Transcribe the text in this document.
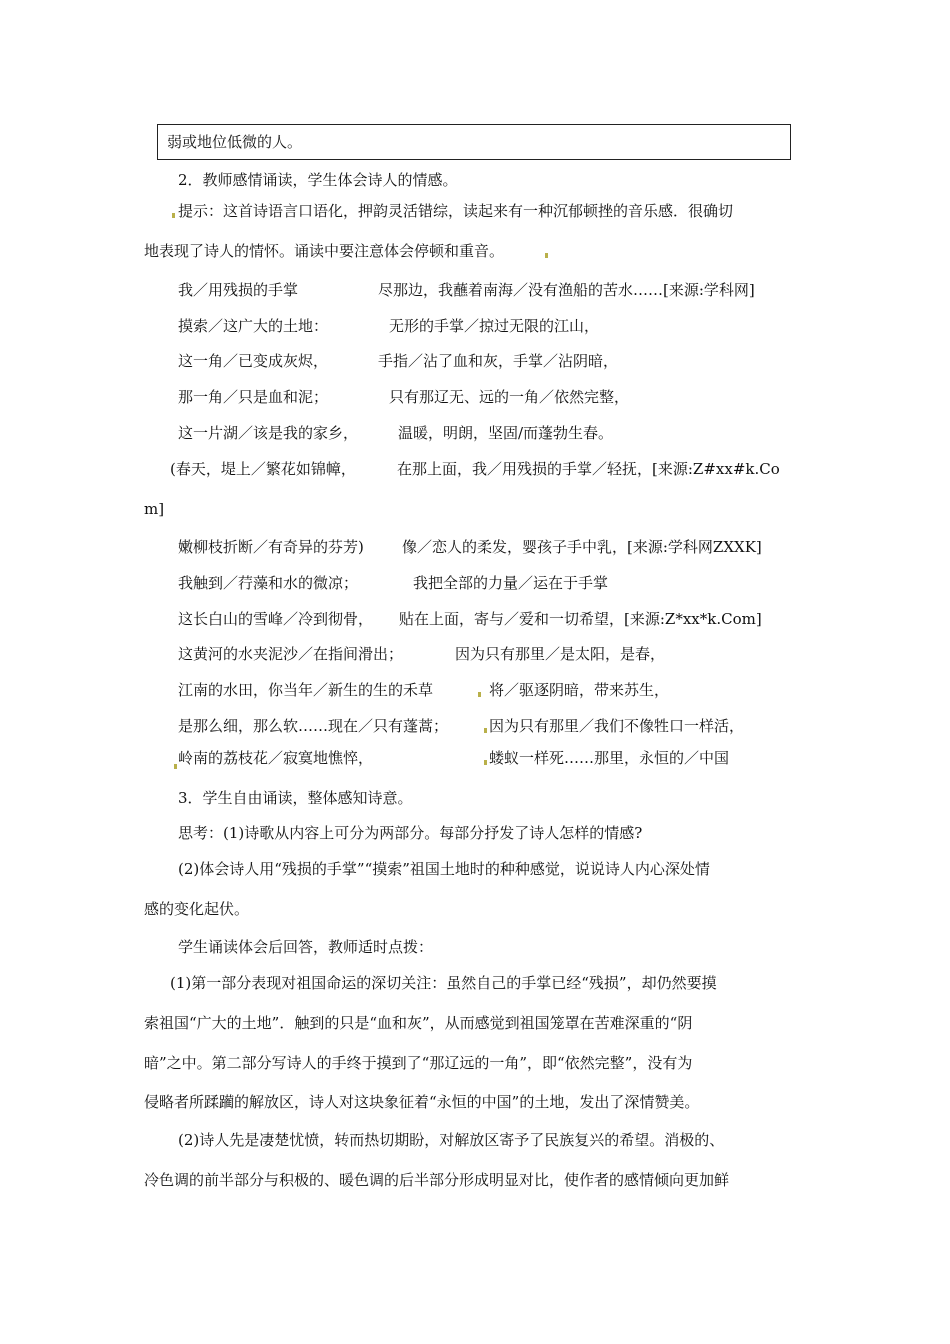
弱或地位低微的人。
2．教师感情诵读，学生体会诗人的情感。
提示：这首诗语言口语化，押韵灵活错综，读起来有一种沉郁顿挫的音乐感．很确切
地表现了诗人的情怀。诵读中要注意体会停顿和重音。
我／用残损的手掌	尽那边，我蘸着南海／没有渔船的苦水……[来源:学科网]
摸索／这广大的土地：	无形的手掌／掠过无限的江山，
这一角／已变成灰烬，	手指／沾了血和灰，手掌／沾阴暗，
那一角／只是血和泥；	只有那辽无、远的一角／依然完整，
这一片湖／该是我的家乡，	温暖，明朗，坚固/而蓬勃生春。
(春天，堤上／繁花如锦幛，	在那上面，我／用残损的手掌／轻抚，[来源:Z#xx#k.Co
m]
嫩柳枝折断／有奇异的芬芳)	像／恋人的柔发，婴孩子手中乳，[来源:学科网ZXXK]
我触到／荇藻和水的微凉；	我把全部的力量／运在于手掌
这长白山的雪峰／冷到彻骨， 贴在上面，寄与／爱和一切希望，[来源:Z*xx*k.Com]
这黄河的水夹泥沙／在指间滑出；	因为只有那里／是太阳，是春，
江南的水田，你当年／新生的生的禾草	将／驱逐阴暗，带来苏生，
是那么细，那么软……现在／只有蓬蒿；	因为只有那里／我们不像牲口一样活，
岭南的荔枝花／寂寞地憔悴，	蝼蚁一样死……那里，永恒的／中国
3．学生自由诵读，整体感知诗意。
思考：(1)诗歌从内容上可分为两部分。每部分抒发了诗人怎样的情感?
(2)体会诗人用“残损的手掌”“摸索”祖国土地时的种种感觉，说说诗人内心深处情
感的变化起伏。
学生诵读体会后回答，教师适时点拨：
(1)第一部分表现对祖国命运的深切关注：虽然自己的手掌已经“残损”，却仍然要摸
索祖国“广大的土地”．触到的只是“血和灰”，从而感觉到祖国笼罩在苦难深重的“阴
暗”之中。第二部分写诗人的手终于摸到了“那辽远的一角”，即“依然完整”，没有为
侵略者所蹂躏的解放区，诗人对这块象征着“永恒的中国”的土地，发出了深情赞美。
(2)诗人先是凄楚忧愤，转而热切期盼，对解放区寄予了民族复兴的希望。消极的、
冷色调的前半部分与积极的、暖色调的后半部分形成明显对比，使作者的感情倾向更加鲜
